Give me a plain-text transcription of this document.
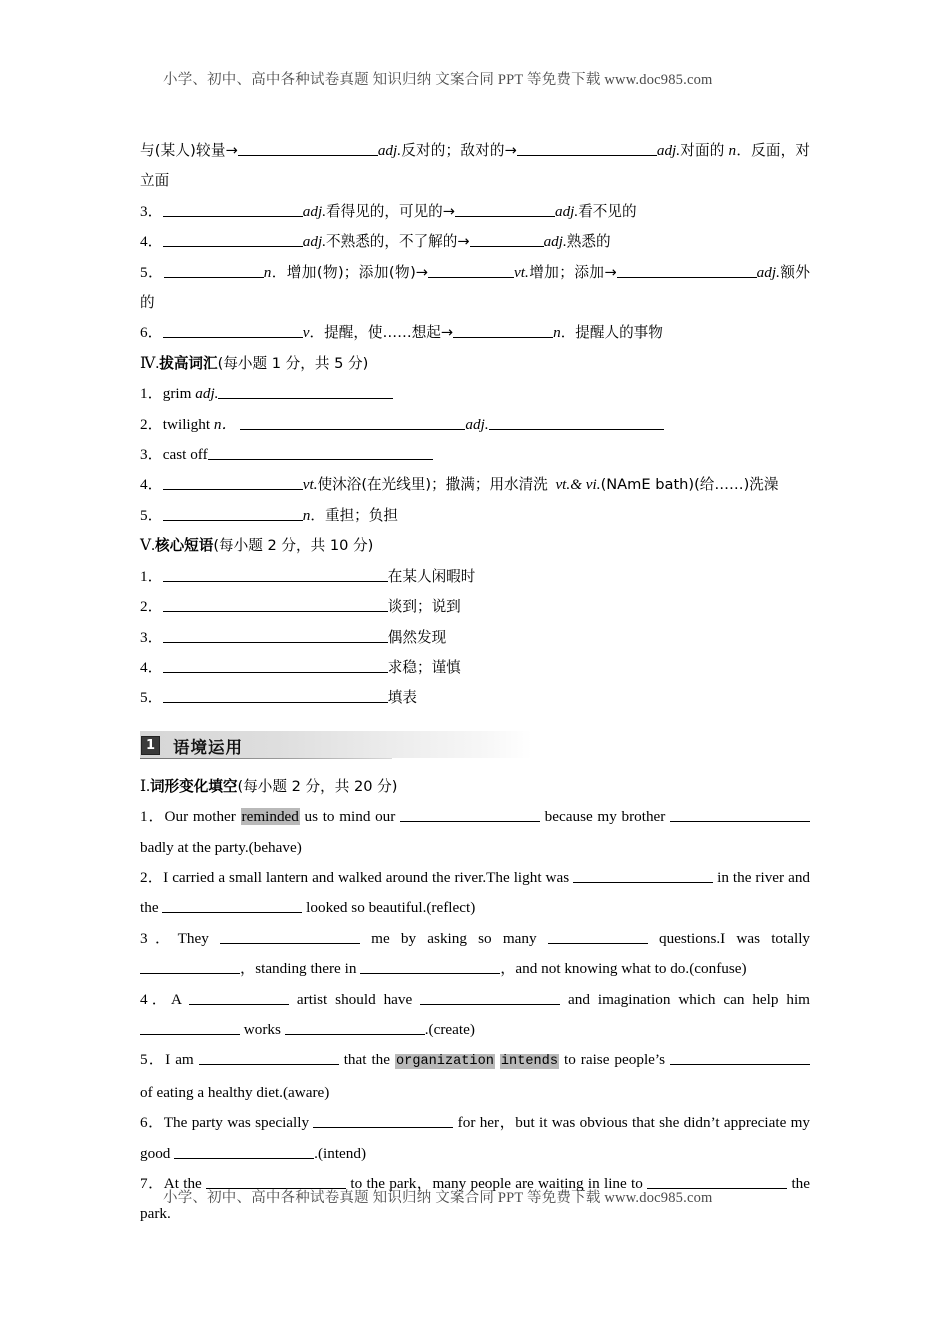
小学、初中、高中各种试卷真题 知识归纳 文案合同 PPT 等免费下载 www.doc985.com

与(某人)较量→	adj.反对的；敌对的→	adj.对面的 n．反面，对立面

3．	adj.看得见的，可见的→	adj.看不见的

4．	adj.不熟悉的，不了解的→	adj.熟悉的

5．	n．增加(物)；添加(物)→	vt.增加；添加→	adj.额外的

6．	v．提醒，使……想起→	n．提醒人的事物

Ⅳ.拔高词汇(每小题 1 分，共 5 分)

1．grim adj.

2．twilight n．	adj.

3．cast off

4．	vt.使沐浴(在光线里)；撒满；用水清洗 vt.& vi.(NAmE bath)(给……)洗澡

5．	n．重担；负担

Ⅴ.核心短语(每小题 2 分，共 10 分)

1．	在某人闲暇时

2．	谈到；说到

3．	偶然发现

4．	求稳；谨慎

5．	填表

1	语境运用

Ⅰ.词形变化填空(每小题 2 分，共 20 分)

1．Our mother reminded us to mind our	because my brother  badly at the party.(behave)

2．I carried a small lantern and walked around the river.The light was	in the river and the	looked so beautiful.(reflect)

3．They	me by asking so many	questions.I was totally ，standing there in	，and not knowing what to do.(confuse)

4．A	artist should have	and imagination which can help him  works	.(create)

5．I am	that the organization intends to raise people’s  of eating a healthy diet.(aware)

6．The party was specially	for her，but it was obvious that she didn’t appreciate my good	.(intend)

7．At the	to the park，many people are waiting in line to	the park.

小学、初中、高中各种试卷真题 知识归纳 文案合同 PPT 等免费下载 www.doc985.com
